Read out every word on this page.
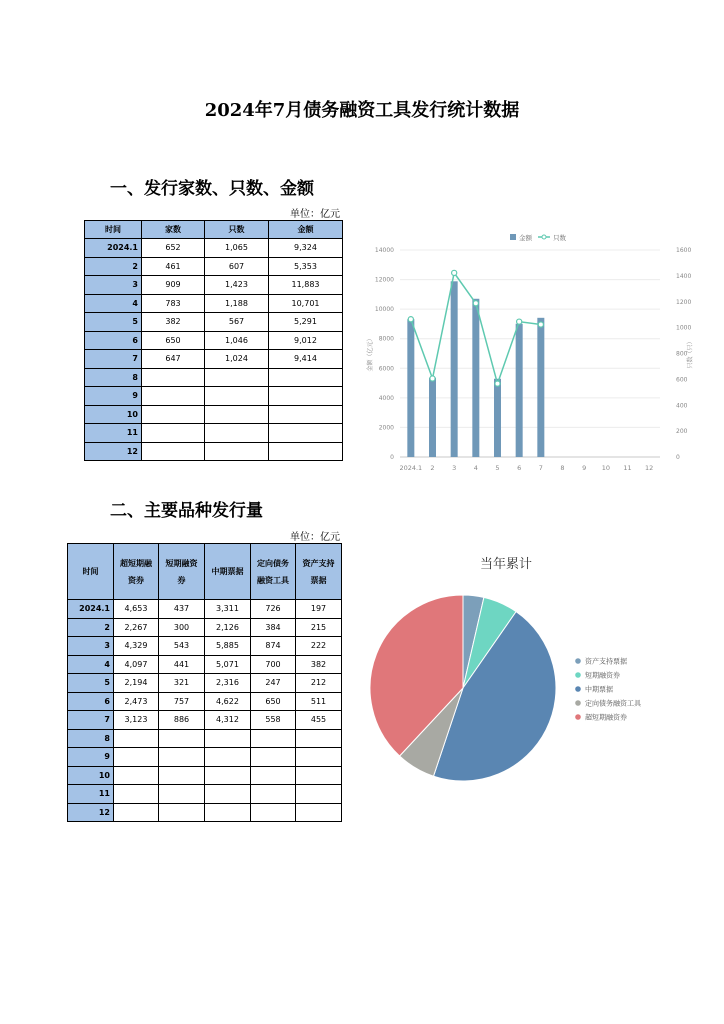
2024年7月债务融资工具发行统计数据
一、发行家数、只数、金额
单位：亿元
时间	家数	只数	金额
2024.1	652	1,065	9,324
2	461	607	5,353
3	909	1,423	11,883
4	783	1,188	10,701
5	382	567	5,291
6	650	1,046	9,012
7	647	1,024	9,414
8			
9			
10			
11			
12			
0
2000
4000
6000
8000
10000
12000
14000
0
200
400
600
800
1000
1200
1400
1600
金额（亿元）	只数（只）
2024.1 2	3	4	5	6	7	8	9 10 11 12
金额	只数
二、主要品种发行量
单位：亿元
时间	超短期融资券	短期融资券	中期票据	定向债务融资工具	资产支持票据
2024.1	4,653	437	3,311	726	197
2	2,267	300	2,126	384	215
3	4,329	543	5,885	874	222
4	4,097	441	5,071	700	382
5	2,194	321	2,316	247	212
6	2,473	757	4,622	650	511
7	3,123	886	4,312	558	455
8					
9					
10					
11					
12					
当年累计
资产支持票据
短期融资券
中期票据
定向债务融资工具
超短期融资券
